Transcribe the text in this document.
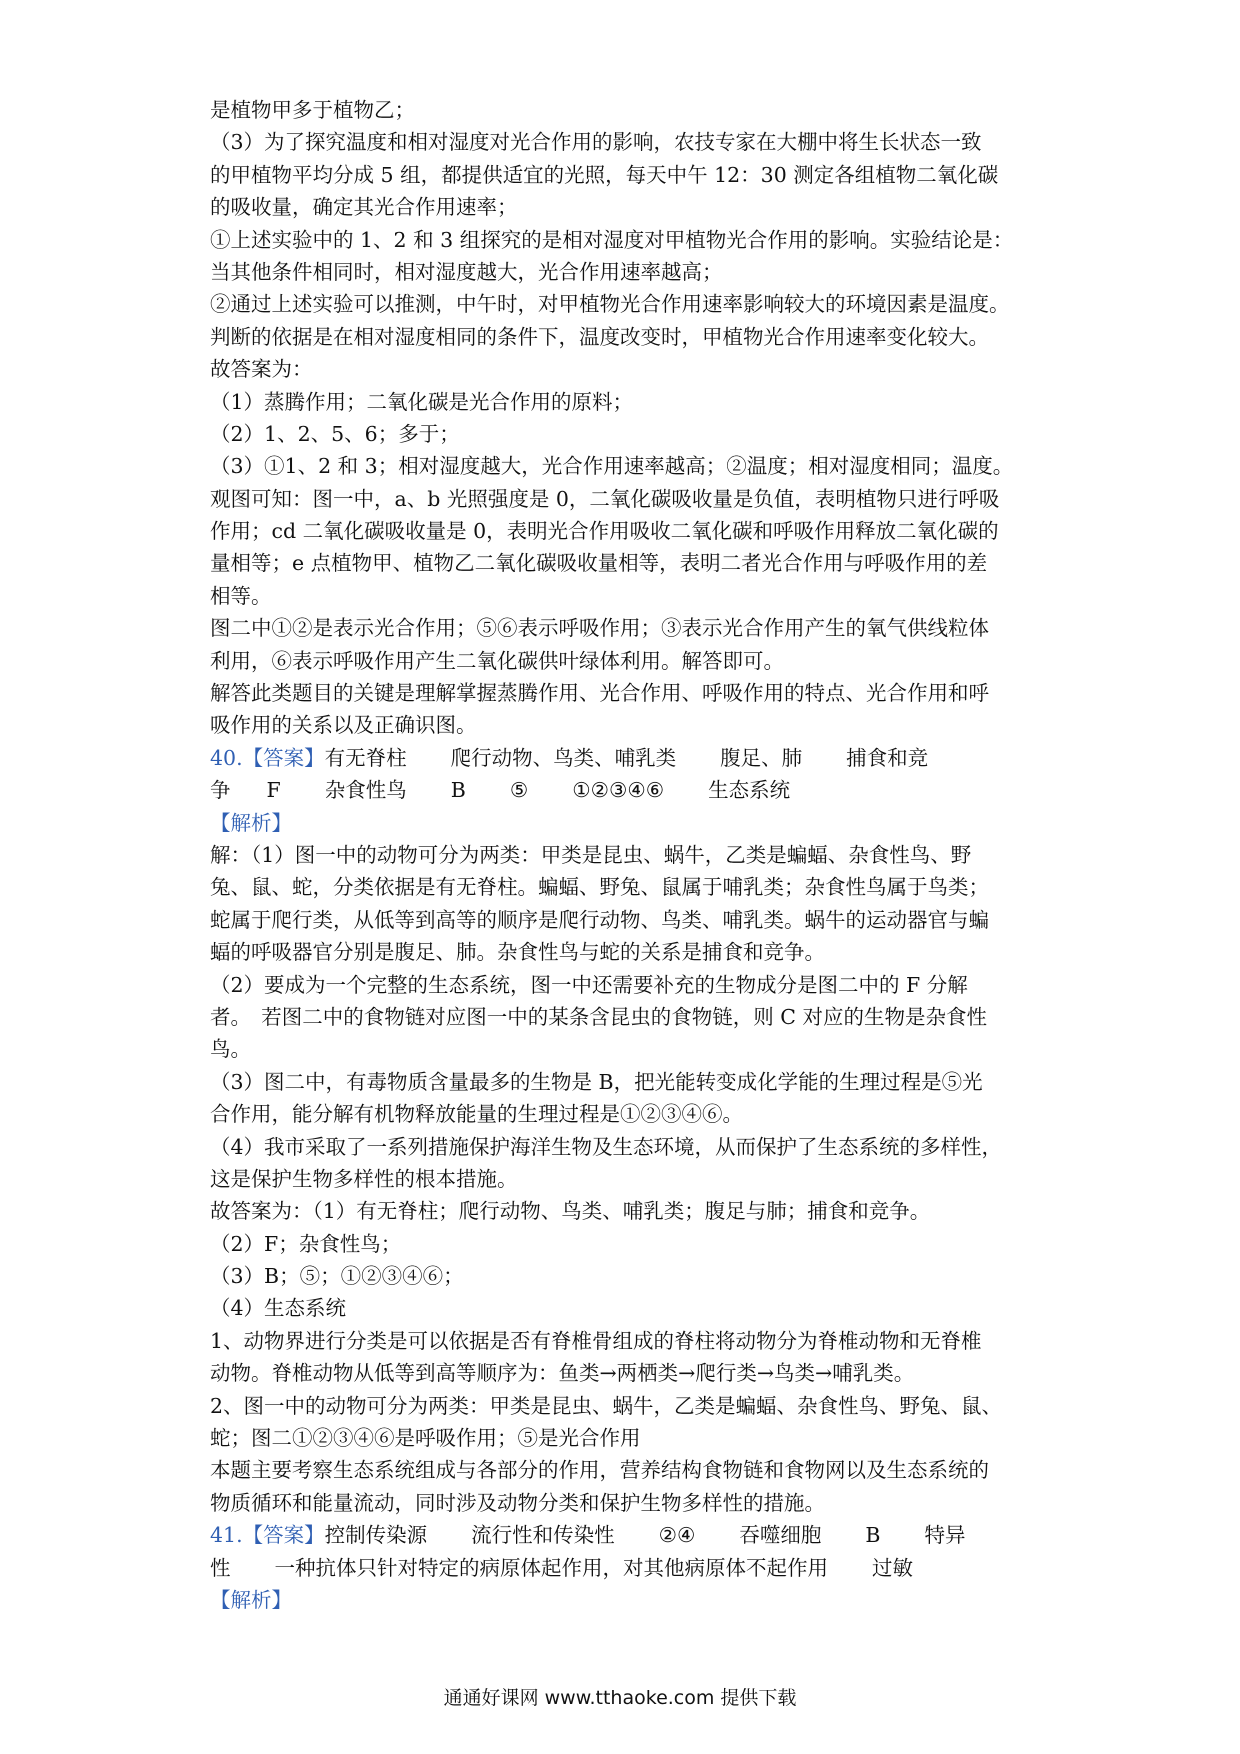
是植物甲多于植物乙；
（3）为了探究温度和相对湿度对光合作用的影响，农技专家在大棚中将生长状态一致
的甲植物平均分成 5 组，都提供适宜的光照，每天中午 12：30 测定各组植物二氧化碳
的吸收量，确定其光合作用速率；
①上述实验中的 1、2 和 3 组探究的是相对湿度对甲植物光合作用的影响。实验结论是：
当其他条件相同时，相对湿度越大，光合作用速率越高；
②通过上述实验可以推测，中午时，对甲植物光合作用速率影响较大的环境因素是温度。
判断的依据是在相对湿度相同的条件下，温度改变时，甲植物光合作用速率变化较大。
故答案为：
（1）蒸腾作用；二氧化碳是光合作用的原料；
（2）1、2、5、6；多于；
（3）①1、2 和 3；相对湿度越大，光合作用速率越高；②温度；相对湿度相同；温度。
观图可知：图一中，a、b 光照强度是 0，二氧化碳吸收量是负值，表明植物只进行呼吸
作用；cd 二氧化碳吸收量是 0，表明光合作用吸收二氧化碳和呼吸作用释放二氧化碳的
量相等；e 点植物甲、植物乙二氧化碳吸收量相等，表明二者光合作用与呼吸作用的差
相等。
图二中①②是表示光合作用；⑤⑥表示呼吸作用；③表示光合作用产生的氧气供线粒体
利用，⑥表示呼吸作用产生二氧化碳供叶绿体利用。解答即可。
解答此类题目的关键是理解掌握蒸腾作用、光合作用、呼吸作用的特点、光合作用和呼
吸作用的关系以及正确识图。
40.【答案】有无脊柱 爬行动物、鸟类、哺乳类 腹足、肺 捕食和竞
争 F 杂食性鸟 B ⑤ ①②③④⑥ 生态系统
【解析】
解：（1）图一中的动物可分为两类：甲类是昆虫、蜗牛，乙类是蝙蝠、杂食性鸟、野
兔、鼠、蛇，分类依据是有无脊柱。蝙蝠、野兔、鼠属于哺乳类；杂食性鸟属于鸟类；
蛇属于爬行类，从低等到高等的顺序是爬行动物、鸟类、哺乳类。蜗牛的运动器官与蝙
蝠的呼吸器官分别是腹足、肺。杂食性鸟与蛇的关系是捕食和竞争。
（2）要成为一个完整的生态系统，图一中还需要补充的生物成分是图二中的 F 分解
者。　若图二中的食物链对应图一中的某条含昆虫的食物链，则 C 对应的生物是杂食性
鸟。
（3）图二中，有毒物质含量最多的生物是 B，把光能转变成化学能的生理过程是⑤光
合作用，能分解有机物释放能量的生理过程是①②③④⑥。
（4）我市采取了一系列措施保护海洋生物及生态环境，从而保护了生态系统的多样性，
这是保护生物多样性的根本措施。
故答案为：（1）有无脊柱；爬行动物、鸟类、哺乳类；腹足与肺；捕食和竞争。
（2）F；杂食性鸟；
（3）B；⑤；①②③④⑥；
（4）生态系统
1、动物界进行分类是可以依据是否有脊椎骨组成的脊柱将动物分为脊椎动物和无脊椎
动物。脊椎动物从低等到高等顺序为：鱼类→两栖类→爬行类→鸟类→哺乳类。
2、图一中的动物可分为两类：甲类是昆虫、蜗牛，乙类是蝙蝠、杂食性鸟、野兔、鼠、
蛇；图二①②③④⑥是呼吸作用；⑤是光合作用
本题主要考察生态系统组成与各部分的作用，营养结构食物链和食物网以及生态系统的
物质循环和能量流动，同时涉及动物分类和保护生物多样性的措施。
41.【答案】控制传染源 流行性和传染性 ②④ 吞噬细胞 B 特异
性 一种抗体只针对特定的病原体起作用，对其他病原体不起作用 过敏
【解析】
通通好课网 www.tthaoke.com 提供下载
